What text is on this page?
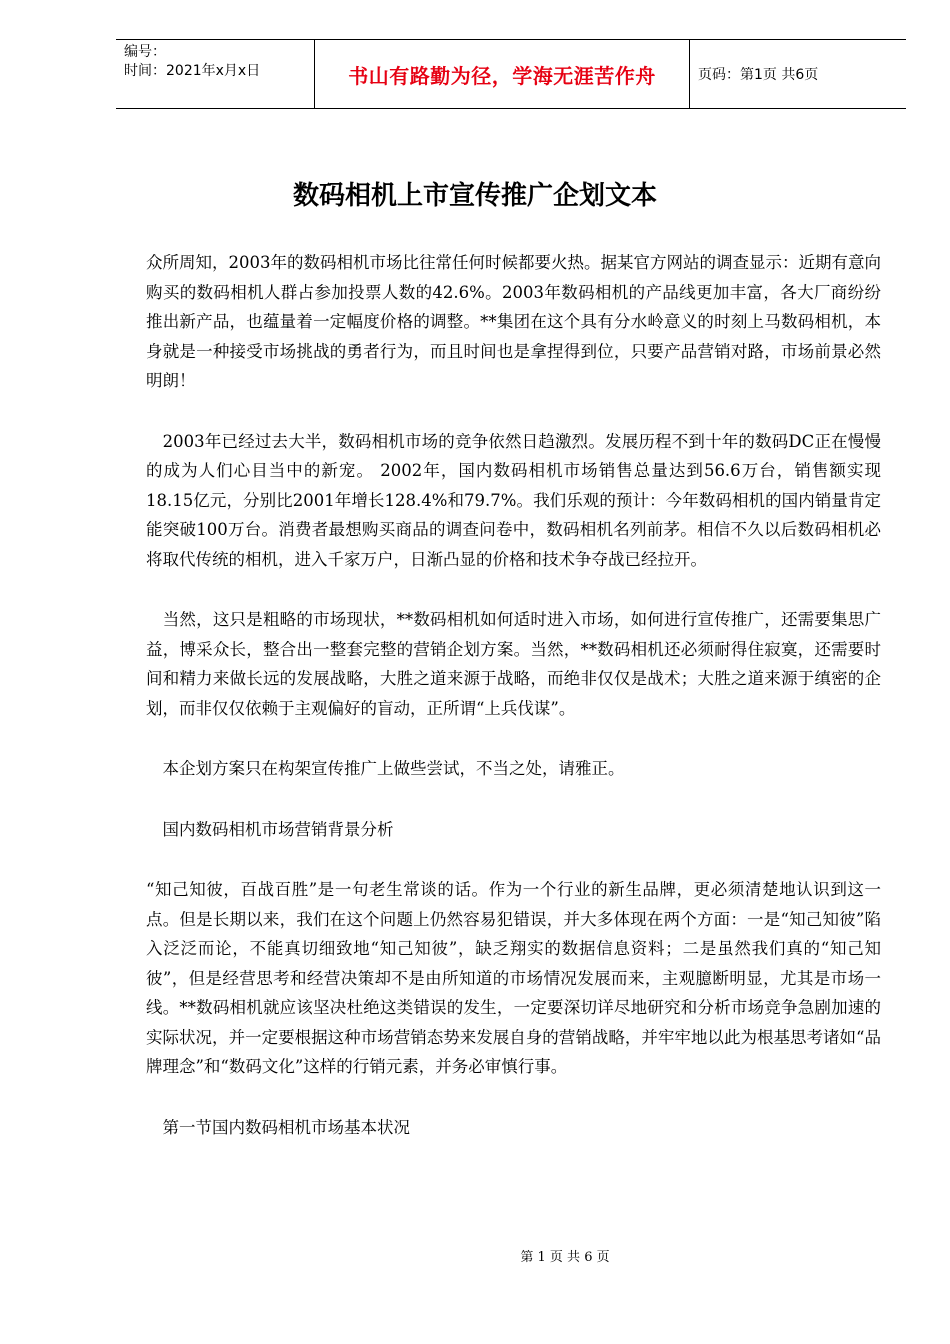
编号：
时间：2021年x月x日	书山有路勤为径，学海无涯苦作舟	页码：第1页 共6页
数码相机上市宣传推广企划文本

众所周知，2003年的数码相机市场比往常任何时候都要火热。据某官方网站的调查显示：近期有意向购买的数码相机人群占参加投票人数的42.6%。2003年数码相机的产品线更加丰富，各大厂商纷纷推出新产品，也蕴量着一定幅度价格的调整。**集团在这个具有分水岭意义的时刻上马数码相机，本身就是一种接受市场挑战的勇者行为，而且时间也是拿捏得到位，只要产品营销对路，市场前景必然明朗！

　2003年已经过去大半，数码相机市场的竞争依然日趋激烈。发展历程不到十年的数码DC正在慢慢的成为人们心目当中的新宠。 2002年，国内数码相机市场销售总量达到56.6万台，销售额实现18.15亿元，分别比2001年增长128.4%和79.7%。我们乐观的预计：今年数码相机的国内销量肯定能突破100万台。消费者最想购买商品的调查问卷中，数码相机名列前茅。相信不久以后数码相机必将取代传统的相机，进入千家万户，日渐凸显的价格和技术争夺战已经拉开。

　当然，这只是粗略的市场现状，**数码相机如何适时进入市场，如何进行宣传推广，还需要集思广益，博采众长，整合出一整套完整的营销企划方案。当然，**数码相机还必须耐得住寂寞，还需要时间和精力来做长远的发展战略，大胜之道来源于战略，而绝非仅仅是战术；大胜之道来源于缜密的企划，而非仅仅依赖于主观偏好的盲动，正所谓“上兵伐谋”。

　本企划方案只在构架宣传推广上做些尝试，不当之处，请雅正。

　国内数码相机市场营销背景分析

“知己知彼，百战百胜”是一句老生常谈的话。作为一个行业的新生品牌，更必须清楚地认识到这一点。但是长期以来，我们在这个问题上仍然容易犯错误，并大多体现在两个方面：一是“知己知彼”陷入泛泛而论，不能真切细致地“知己知彼”，缺乏翔实的数据信息资料；二是虽然我们真的“知己知彼”，但是经营思考和经营决策却不是由所知道的市场情况发展而来，主观臆断明显，尤其是市场一线。**数码相机就应该坚决杜绝这类错误的发生，一定要深切详尽地研究和分析市场竞争急剧加速的实际状况，并一定要根据这种市场营销态势来发展自身的营销战略，并牢牢地以此为根基思考诸如“品牌理念”和“数码文化”这样的行销元素，并务必审慎行事。

　第一节国内数码相机市场基本状况

第 1 页 共 6 页
